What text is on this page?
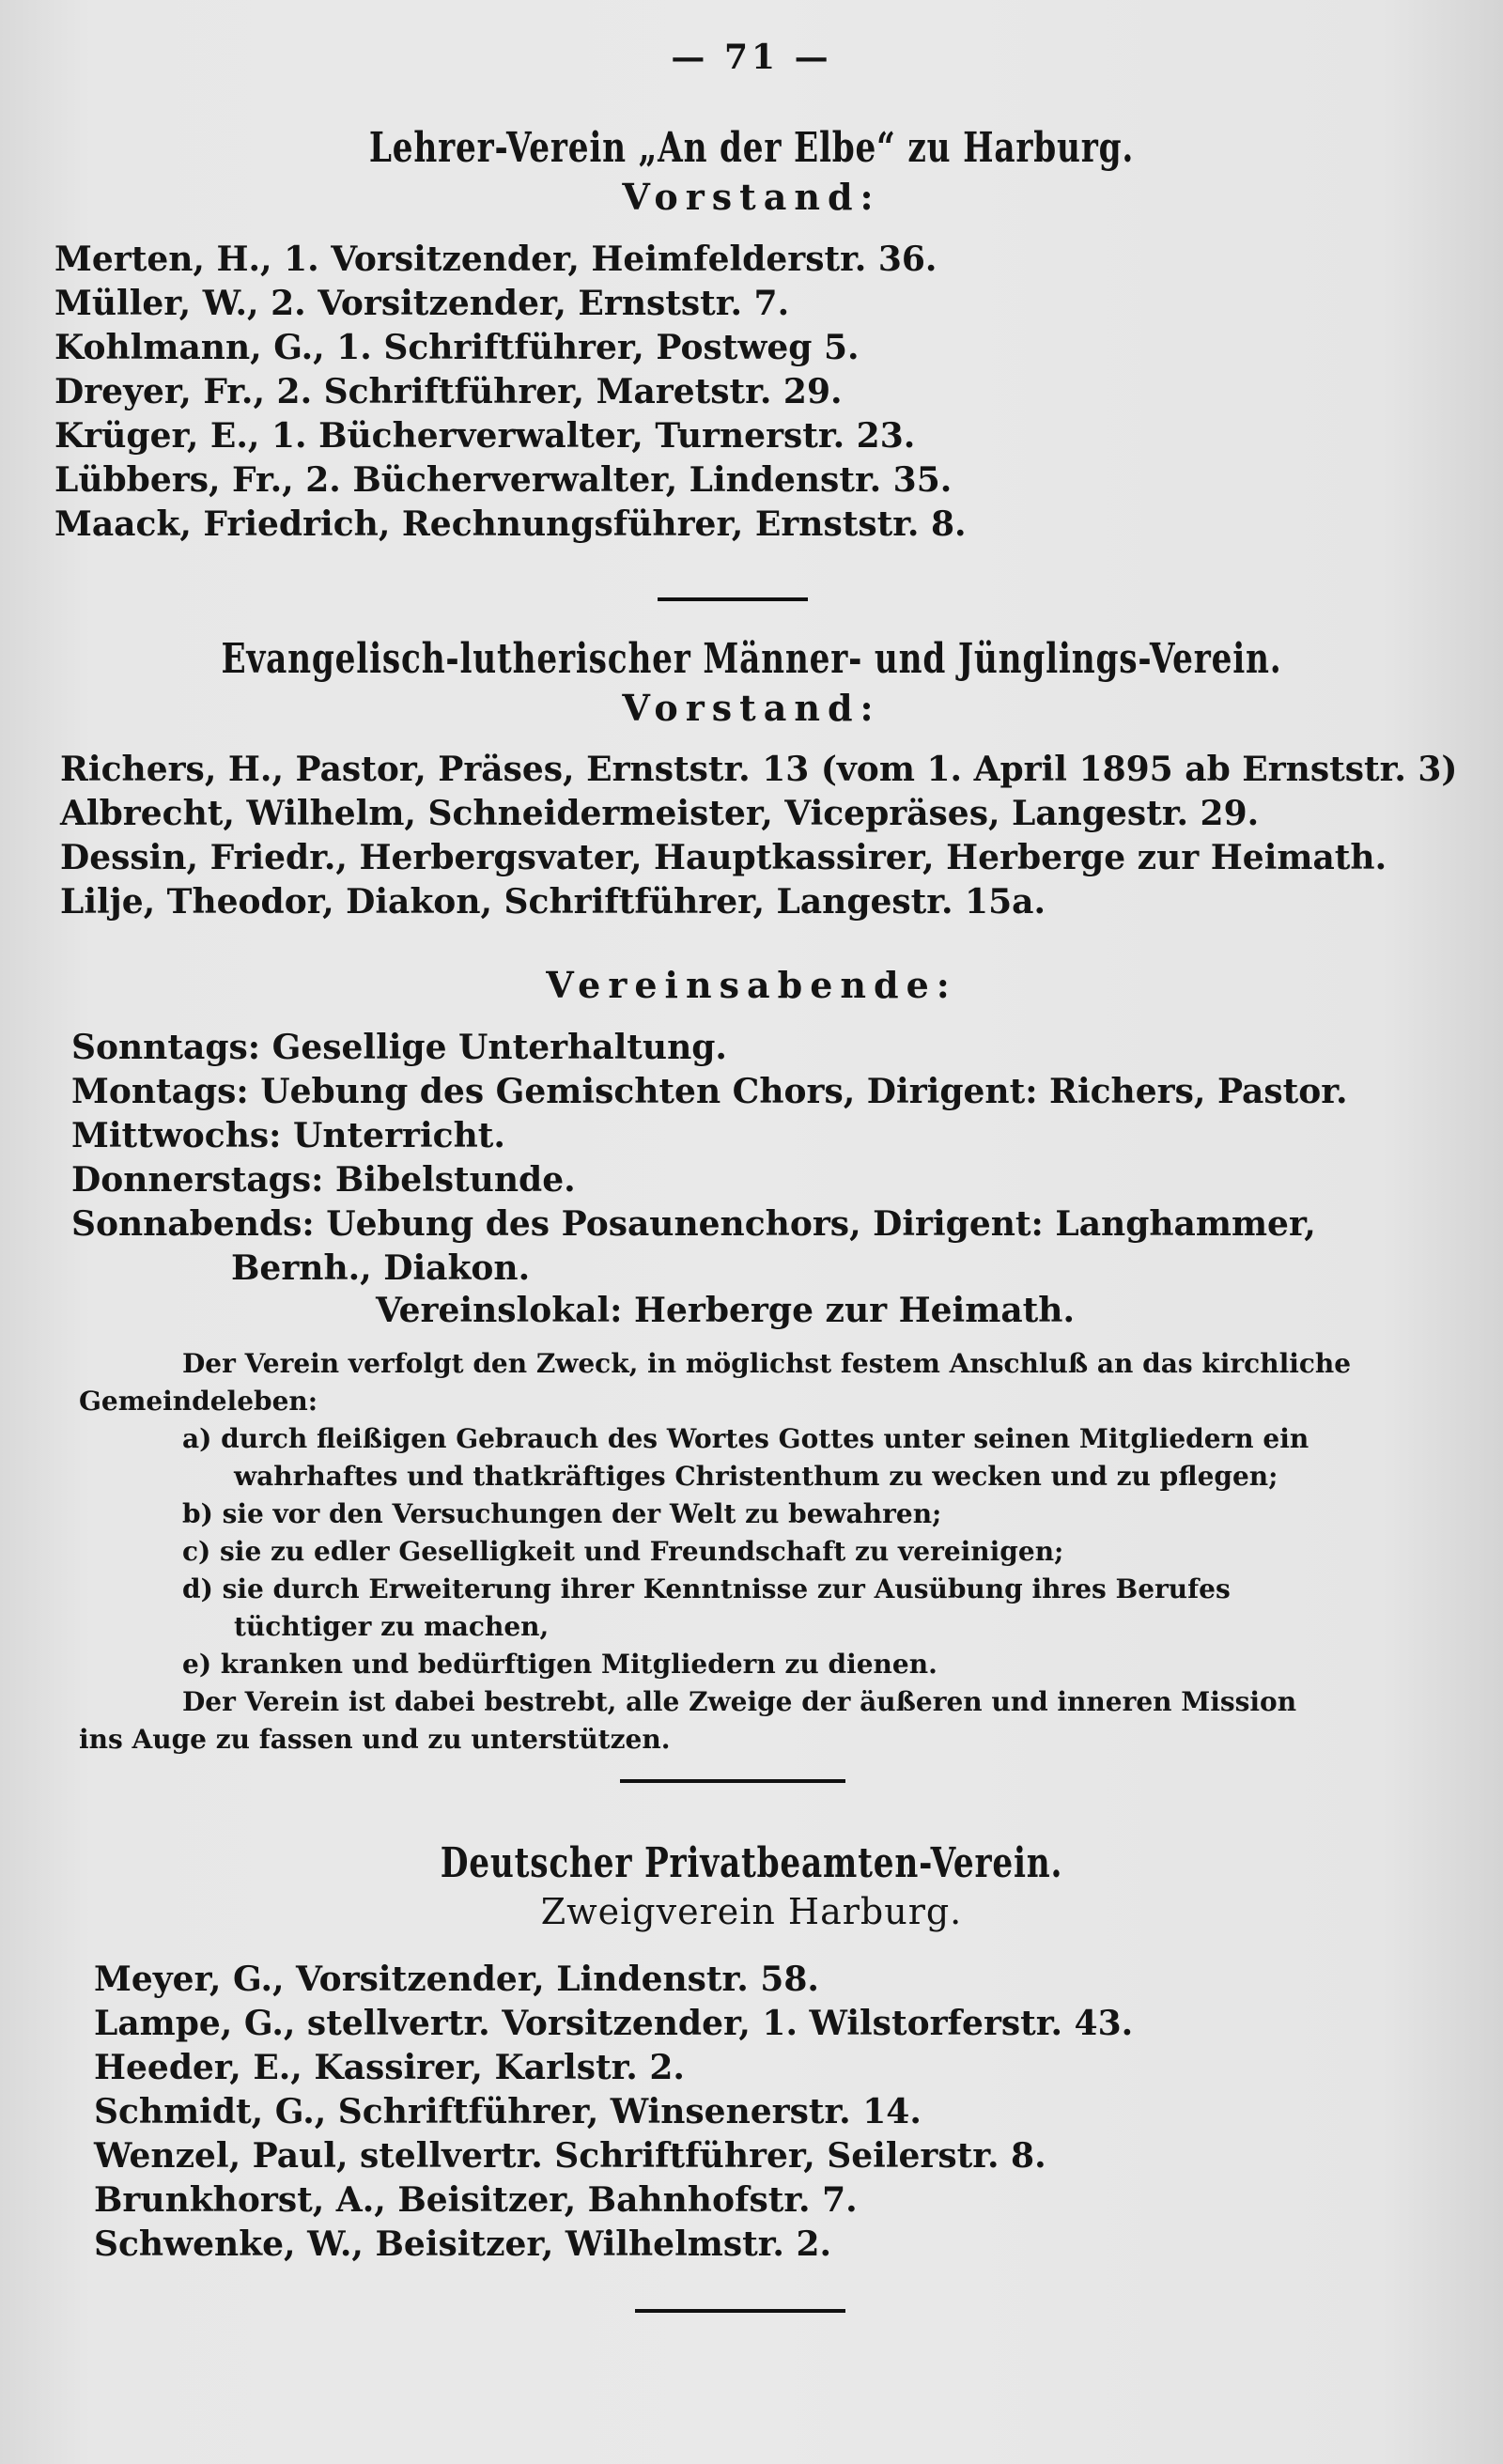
— 71 —
Lehrer-Verein „An der Elbe“ zu Harburg.
Vorstand:
Merten, H., 1. Vorsitzender, Heimfelderstr. 36.
Müller, W., 2. Vorsitzender, Ernststr. 7.
Kohlmann, G., 1. Schriftführer, Postweg 5.
Dreyer, Fr., 2. Schriftführer, Maretstr. 29.
Krüger, E., 1. Bücherverwalter, Turnerstr. 23.
Lübbers, Fr., 2. Bücherverwalter, Lindenstr. 35.
Maack, Friedrich, Rechnungsführer, Ernststr. 8.
Evangelisch-lutherischer Männer- und Jünglings-Verein.
Vorstand:
Richers, H., Pastor, Präses, Ernststr. 13 (vom 1. April 1895 ab Ernststr. 3)
Albrecht, Wilhelm, Schneidermeister, Vicepräses, Langestr. 29.
Dessin, Friedr., Herbergsvater, Hauptkassirer, Herberge zur Heimath.
Lilje, Theodor, Diakon, Schriftführer, Langestr. 15a.
Vereinsabende:
Sonntags: Gesellige Unterhaltung.
Montags: Uebung des Gemischten Chors, Dirigent: Richers, Pastor.
Mittwochs: Unterricht.
Donnerstags: Bibelstunde.
Sonnabends: Uebung des Posaunenchors, Dirigent: Langhammer,
Bernh., Diakon.
Vereinslokal: Herberge zur Heimath.
Der Verein verfolgt den Zweck, in möglichst festem Anschluß an das kirchliche
Gemeindeleben:
a) durch fleißigen Gebrauch des Wortes Gottes unter seinen Mitgliedern ein
wahrhaftes und thatkräftiges Christenthum zu wecken und zu pflegen;
b) sie vor den Versuchungen der Welt zu bewahren;
c) sie zu edler Geselligkeit und Freundschaft zu vereinigen;
d) sie durch Erweiterung ihrer Kenntnisse zur Ausübung ihres Berufes
tüchtiger zu machen,
e) kranken und bedürftigen Mitgliedern zu dienen.
Der Verein ist dabei bestrebt, alle Zweige der äußeren und inneren Mission
ins Auge zu fassen und zu unterstützen.
Deutscher Privatbeamten-Verein.
Zweigverein Harburg.
Meyer, G., Vorsitzender, Lindenstr. 58.
Lampe, G., stellvertr. Vorsitzender, 1. Wilstorferstr. 43.
Heeder, E., Kassirer, Karlstr. 2.
Schmidt, G., Schriftführer, Winsenerstr. 14.
Wenzel, Paul, stellvertr. Schriftführer, Seilerstr. 8.
Brunkhorst, A., Beisitzer, Bahnhofstr. 7.
Schwenke, W., Beisitzer, Wilhelmstr. 2.
